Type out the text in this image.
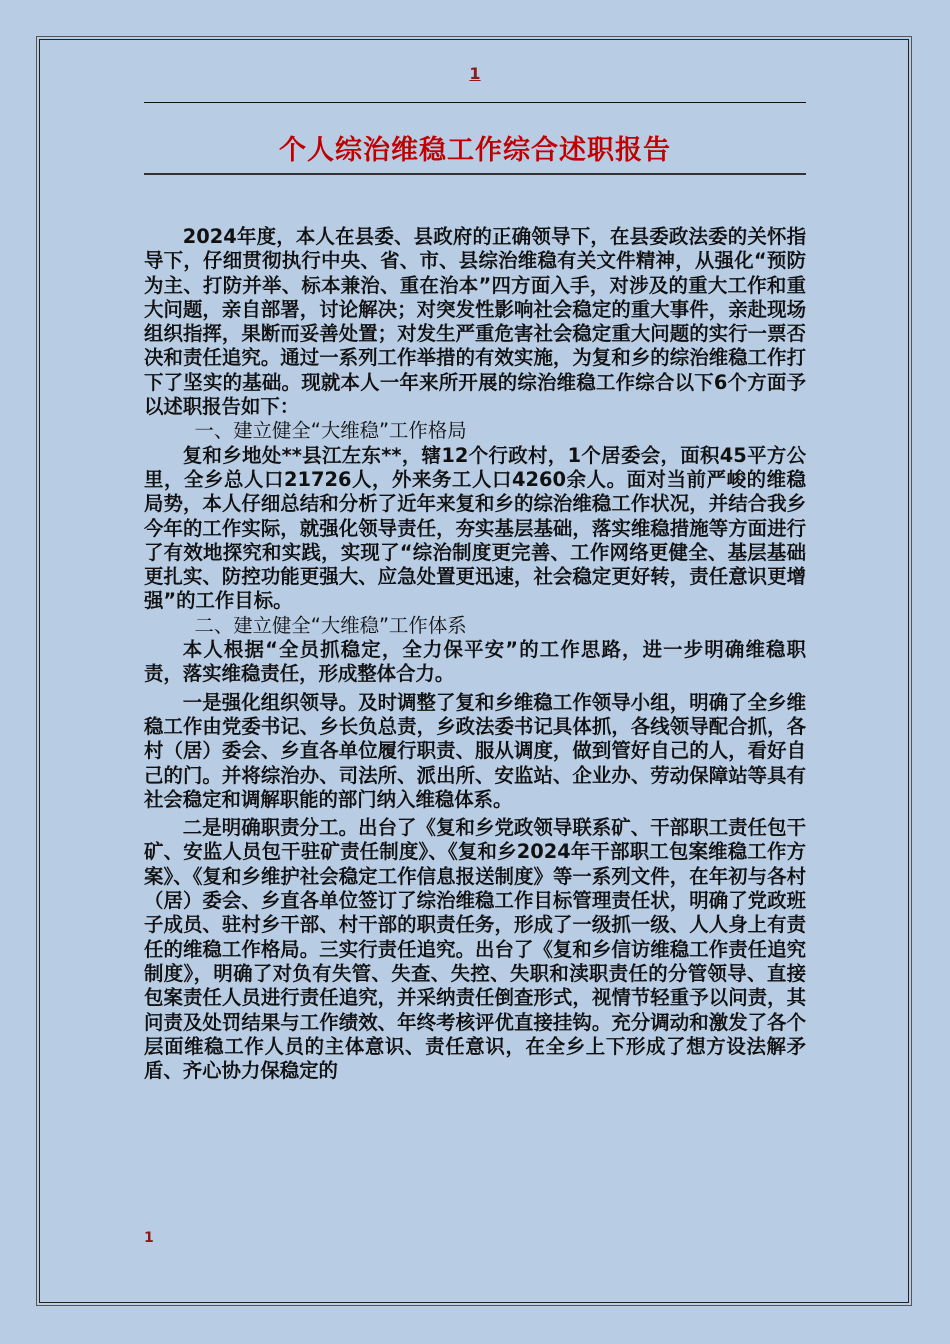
1
个人综治维稳工作综合述职报告

2024年度，本人在县委、县政府的正确领导下，在县委政法委的关怀指导下，仔细贯彻执行中央、省、市、县综治维稳有关文件精神，从强化“预防为主、打防并举、标本兼治、重在治本”四方面入手，对涉及的重大工作和重大问题，亲自部署，讨论解决；对突发性影响社会稳定的重大事件，亲赴现场组织指挥，果断而妥善处置；对发生严重危害社会稳定重大问题的实行一票否决和责任追究。通过一系列工作举措的有效实施，为复和乡的综治维稳工作打下了坚实的基础。现就本人一年来所开展的综治维稳工作综合以下6个方面予以述职报告如下：

一、建立健全“大维稳”工作格局

复和乡地处**县江左东**，辖12个行政村，1个居委会，面积45平方公里，全乡总人口21726人，外来务工人口4260余人。面对当前严峻的维稳局势，本人仔细总结和分析了近年来复和乡的综治维稳工作状况，并结合我乡今年的工作实际，就强化领导责任，夯实基层基础，落实维稳措施等方面进行了有效地探究和实践，实现了“综治制度更完善、工作网络更健全、基层基础更扎实、防控功能更强大、应急处置更迅速，社会稳定更好转，责任意识更增强”的工作目标。

二、建立健全“大维稳”工作体系

本人根据“全员抓稳定，全力保平安”的工作思路，进一步明确维稳职责，落实维稳责任，形成整体合力。

一是强化组织领导。及时调整了复和乡维稳工作领导小组，明确了全乡维稳工作由党委书记、乡长负总责，乡政法委书记具体抓，各线领导配合抓，各村（居）委会、乡直各单位履行职责、服从调度，做到管好自己的人，看好自己的门。并将综治办、司法所、派出所、安监站、企业办、劳动保障站等具有社会稳定和调解职能的部门纳入维稳体系。

二是明确职责分工。出台了《复和乡党政领导联系矿、干部职工责任包干矿、安监人员包干驻矿责任制度》、《复和乡2024年干部职工包案维稳工作方案》、《复和乡维护社会稳定工作信息报送制度》等一系列文件，在年初与各村（居）委会、乡直各单位签订了综治维稳工作目标管理责任状，明确了党政班子成员、驻村乡干部、村干部的职责任务，形成了一级抓一级、人人身上有责任的维稳工作格局。三实行责任追究。出台了《复和乡信访维稳工作责任追究制度》，明确了对负有失管、失查、失控、失职和渎职责任的分管领导、直接包案责任人员进行责任追究，并采纳责任倒查形式，视情节轻重予以问责，其问责及处罚结果与工作绩效、年终考核评优直接挂钩。充分调动和激发了各个层面维稳工作人员的主体意识、责任意识，在全乡上下形成了想方设法解矛盾、齐心协力保稳定的

1
